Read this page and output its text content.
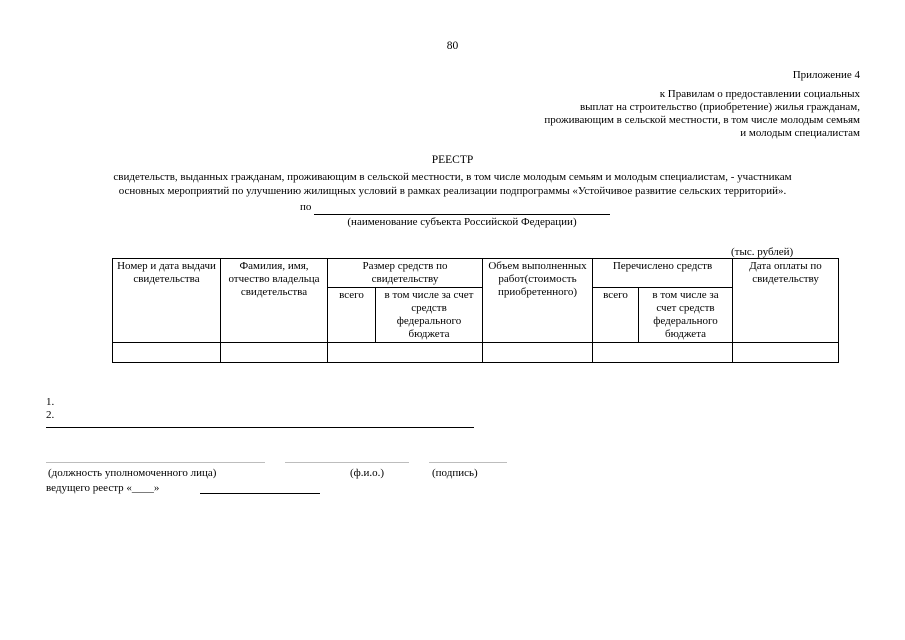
80
Приложение 4
к Правилам о предоставлении социальных
выплат на строительство (приобретение) жилья гражданам,
проживающим в сельской местности, в том числе молодым семьям
и молодым специалистам
РЕЕСТР
свидетельств, выданных гражданам, проживающим в сельской местности, в том числе молодым семьям и молодым специалистам, - участникам
основных мероприятий по улучшению жилищных условий в рамках реализации подпрограммы «Устойчивое развитие сельских территорий».
по
(наименование субъекта Российской Федерации)
(тыс. рублей)
Номер и дата выдачи свидетельства	Фамилия, имя, отчество владельца свидетельства	Размер средств по свидетельству		Объем выполненных работ(стоимость приобретенного)	Перечислено средств		Дата оплаты по свидетельству
		всего	в том числе за счет средств федерального бюджета		всего	в том числе за счет средств федерального бюджета	

1.
2.
(должность уполномоченного лица)	(ф.и.о.)	(подпись)
ведущего реестр «____»
